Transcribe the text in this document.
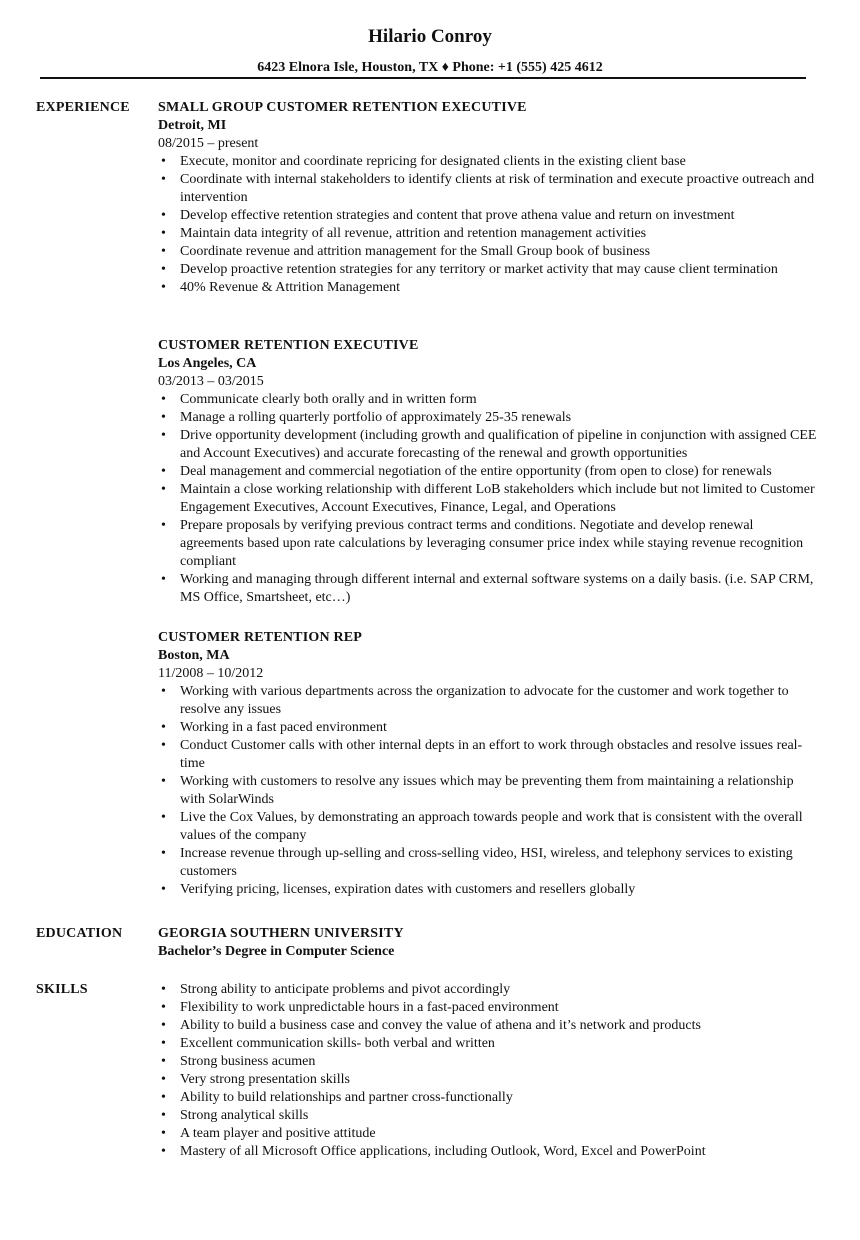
Hilario Conroy
6423 Elnora Isle, Houston, TX ♦ Phone: +1 (555) 425 4612
EXPERIENCE SMALL GROUP CUSTOMER RETENTION EXECUTIVE
Detroit, MI
08/2015 – present
• Execute, monitor and coordinate repricing for designated clients in the existing client base
• Coordinate with internal stakeholders to identify clients at risk of termination and execute proactive outreach and intervention
• Develop effective retention strategies and content that prove athena value and return on investment
• Maintain data integrity of all revenue, attrition and retention management activities
• Coordinate revenue and attrition management for the Small Group book of business
• Develop proactive retention strategies for any territory or market activity that may cause client termination
• 40% Revenue & Attrition Management
CUSTOMER RETENTION EXECUTIVE
Los Angeles, CA
03/2013 – 03/2015
• Communicate clearly both orally and in written form
• Manage a rolling quarterly portfolio of approximately 25-35 renewals
• Drive opportunity development (including growth and qualification of pipeline in conjunction with assigned CEE and Account Executives) and accurate forecasting of the renewal and growth opportunities
• Deal management and commercial negotiation of the entire opportunity (from open to close) for renewals
• Maintain a close working relationship with different LoB stakeholders which include but not limited to Customer Engagement Executives, Account Executives, Finance, Legal, and Operations
• Prepare proposals by verifying previous contract terms and conditions. Negotiate and develop renewal agreements based upon rate calculations by leveraging consumer price index while staying revenue recognition compliant
• Working and managing through different internal and external software systems on a daily basis. (i.e. SAP CRM, MS Office, Smartsheet, etc…)
CUSTOMER RETENTION REP
Boston, MA
11/2008 – 10/2012
• Working with various departments across the organization to advocate for the customer and work together to resolve any issues
• Working in a fast paced environment
• Conduct Customer calls with other internal depts in an effort to work through obstacles and resolve issues real-time
• Working with customers to resolve any issues which may be preventing them from maintaining a relationship with SolarWinds
• Live the Cox Values, by demonstrating an approach towards people and work that is consistent with the overall values of the company
• Increase revenue through up-selling and cross-selling video, HSI, wireless, and telephony services to existing customers
• Verifying pricing, licenses, expiration dates with customers and resellers globally
EDUCATION	GEORGIA SOUTHERN UNIVERSITY
Bachelor’s Degree in Computer Science
SKILLS
•	Strong ability to anticipate problems and pivot accordingly
• Flexibility to work unpredictable hours in a fast-paced environment
• Ability to build a business case and convey the value of athena and it’s network and products
• Excellent communication skills- both verbal and written
• Strong business acumen
• Very strong presentation skills
• Ability to build relationships and partner cross-functionally
• Strong analytical skills
• A team player and positive attitude
• Mastery of all Microsoft Office applications, including Outlook, Word, Excel and PowerPoint
